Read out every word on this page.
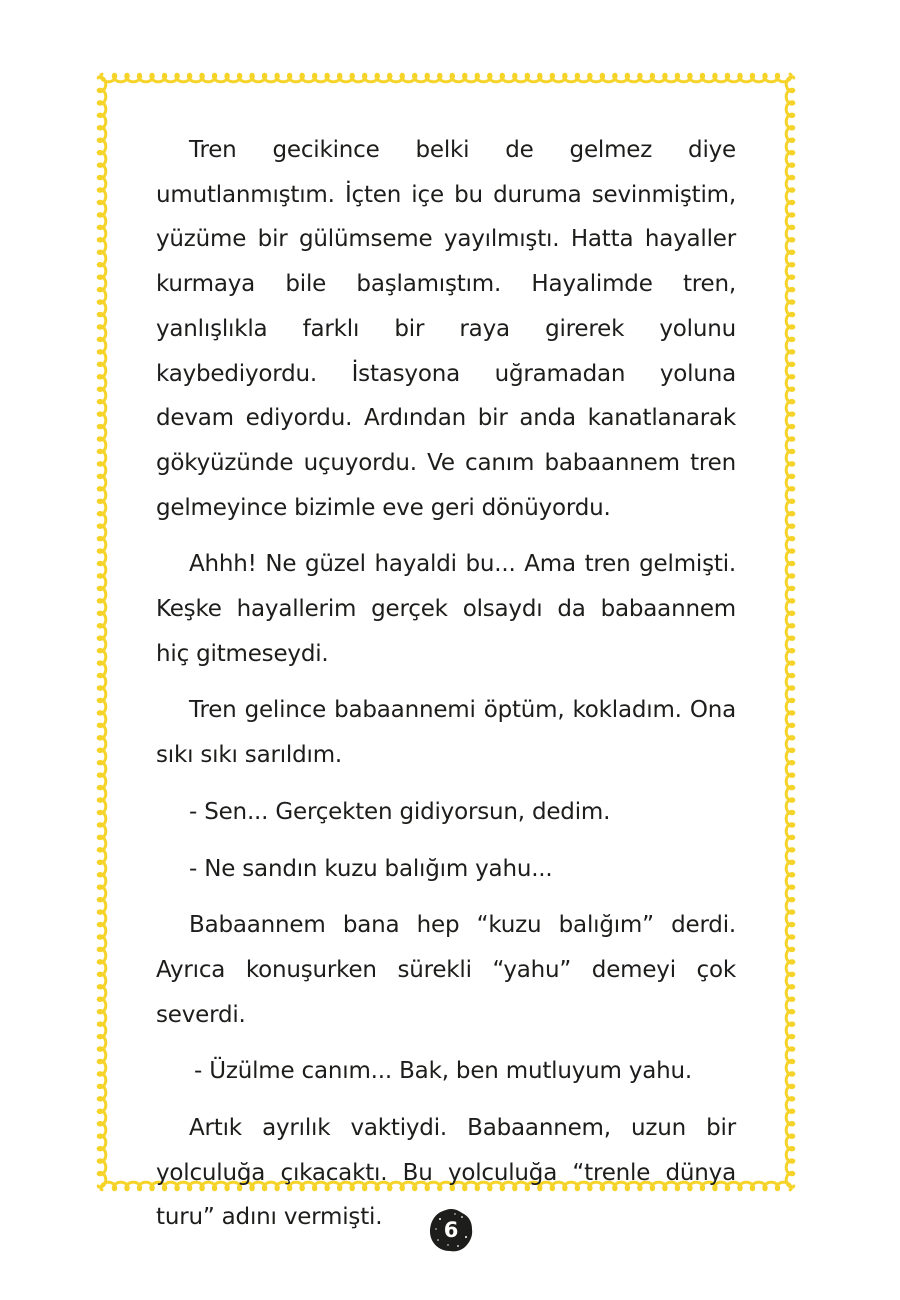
Tren gecikince belki de gelmez diye umutlanmıştım. İçten içe bu duruma sevinmiştim, yüzüme bir gülümseme yayılmıştı. Hatta hayaller kurmaya bile başlamıştım. Hayalimde tren, yanlışlıkla farklı bir raya girerek yolunu kaybediyordu. İstasyona uğramadan yoluna devam ediyordu. Ardından bir anda kanatlanarak gökyüzünde uçuyordu. Ve canım babaannem tren gelmeyince bizimle eve geri dönüyordu.

Ahhh! Ne güzel hayaldi bu... Ama tren gelmişti. Keşke hayallerim gerçek olsaydı da babaannem hiç gitmeseydi.

Tren gelince babaannemi öptüm, kokladım. Ona sıkı sıkı sarıldım.

- Sen... Gerçekten gidiyorsun, dedim.

- Ne sandın kuzu balığım yahu...

Babaannem bana hep “kuzu balığım” derdi. Ayrıca konuşurken sürekli “yahu” demeyi çok severdi.

- Üzülme canım... Bak, ben mutluyum yahu.

Artık ayrılık vaktiydi. Babaannem, uzun bir yolculuğa çıkacaktı. Bu yolculuğa “trenle dünya turu” adını vermişti.	6
